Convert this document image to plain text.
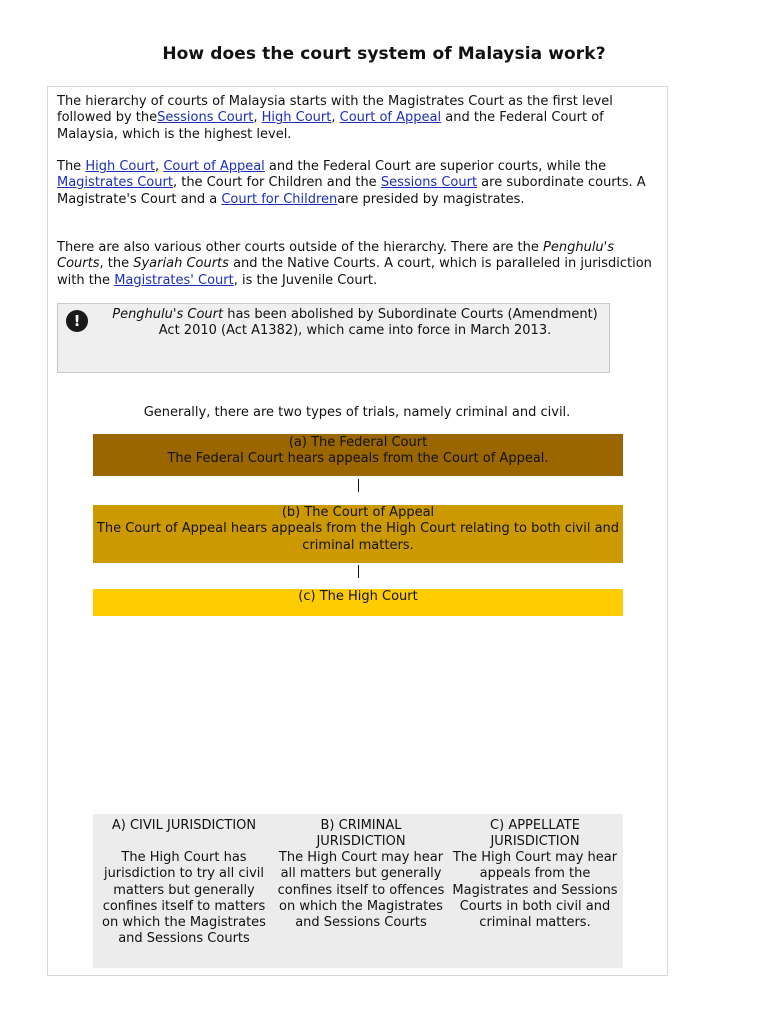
How does the court system of Malaysia work?

The hierarchy of courts of Malaysia starts with the Magistrates Court as the first level followed by theSessions Court, High Court, Court of Appeal and the Federal Court of Malaysia, which is the highest level.

The High Court, Court of Appeal and the Federal Court are superior courts, while the Magistrates Court, the Court for Children and the Sessions Court are subordinate courts. A Magistrate's Court and a Court for Childrenare presided by magistrates.

There are also various other courts outside of the hierarchy. There are the Penghulu's Courts, the Syariah Courts and the Native Courts. A court, which is paralleled in jurisdiction with the Magistrates' Court, is the Juvenile Court.

!	Penghulu's Court has been abolished by Subordinate Courts (Amendment) Act 2010 (Act A1382), which came into force in March 2013.
Generally, there are two types of trials, namely criminal and civil.
(a) The Federal Court
The Federal Court hears appeals from the Court of Appeal.
(b) The Court of Appeal
The Court of Appeal hears appeals from the High Court relating to both civil and criminal matters.
(c) The High Court
A) CIVIL JURISDICTION
The High Court has jurisdiction to try all civil matters but generally confines itself to matters on which the Magistrates and Sessions Courts
B) CRIMINAL JURISDICTION
The High Court may hear all matters but generally confines itself to offences on which the Magistrates and Sessions Courts
C) APPELLATE JURISDICTION
The High Court may hear appeals from the Magistrates and Sessions Courts in both civil and criminal matters.
